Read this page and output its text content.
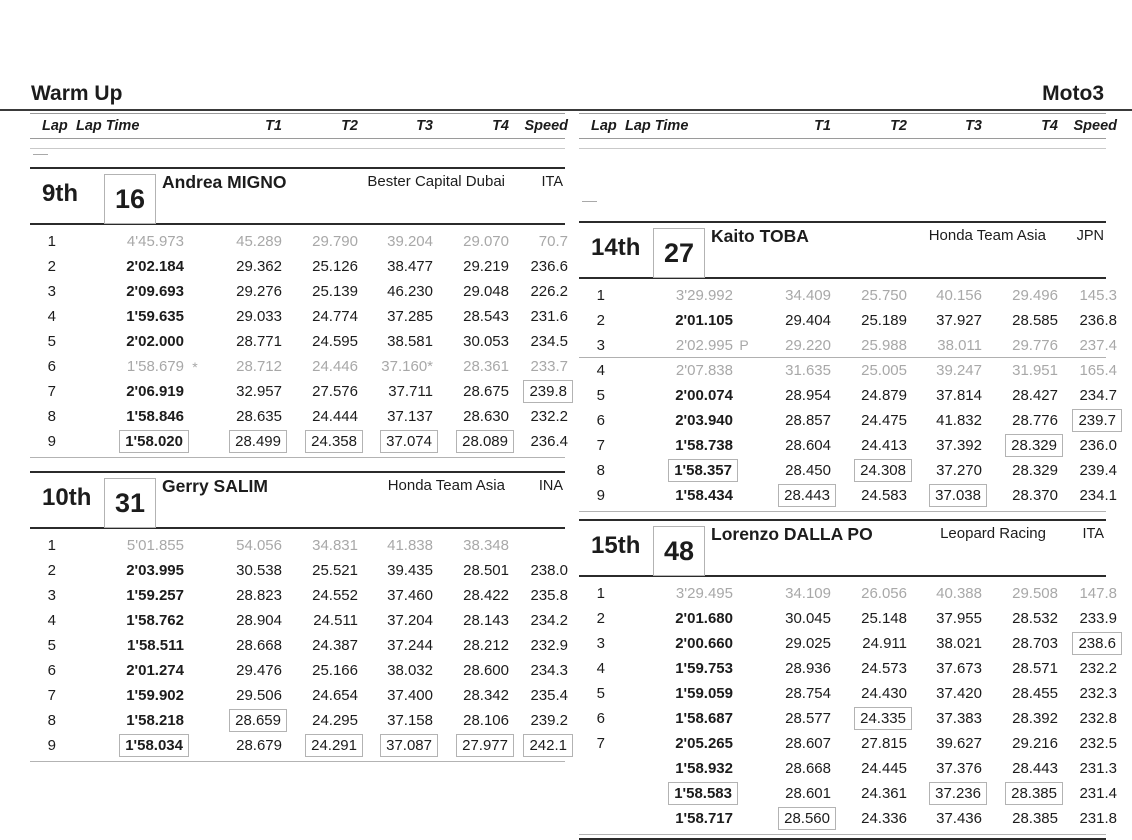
Warm Up	Moto3
Lap Lap Time	T1	T2	T3	T4	Speed
9th	16
Andrea MIGNO	Bester Capital Dubai	ITA
1	4'45.973	45.289	29.790	39.204	29.070	70.7
2	2'02.184	29.362	25.126	38.477	29.219	236.6
3	2'09.693	29.276	25.139	46.230	29.048	226.2
4	1'59.635	29.033	24.774	37.285	28.543	231.6
5	2'02.000	28.771	24.595	38.581	30.053	234.5
6	1'58.679 *	28.712	24.446	37.160*	28.361	233.7
7	2'06.919	32.957	27.576	37.711	28.675	239.8
8	1'58.846	28.635	24.444	37.137	28.630	232.2
9	1'58.020	28.499	24.358	37.074	28.089	236.4
10th 31
Gerry SALIM	Honda Team Asia	INA
1	5'01.855	54.056	34.831	41.838	38.348
2	2'03.995	30.538	25.521	39.435	28.501	238.0
3	1'59.257	28.823	24.552	37.460	28.422	235.8
4	1'58.762	28.904	24.511	37.204	28.143	234.2
5	1'58.511	28.668	24.387	37.244	28.212	232.9
6	2'01.274	29.476	25.166	38.032	28.600	234.3
7	1'59.902	29.506	24.654	37.400	28.342	235.4
8	1'58.218	28.659	24.295	37.158	28.106	239.2
9	1'58.034	28.679	24.291	37.087	27.977	242.1
Lap Lap Time	T1	T2	T3	T4	Speed
14th 27
Kaito TOBA	Honda Team Asia	JPN
1	3'29.992	34.409	25.750	40.156	29.496	145.3
2	2'01.105	29.404	25.189	37.927	28.585	236.8
3	2'02.995 P	29.220	25.988	38.011	29.776	237.4
4	2'07.838	31.635	25.005	39.247	31.951	165.4
5	2'00.074	28.954	24.879	37.814	28.427	234.7
6	2'03.940	28.857	24.475	41.832	28.776	239.7
7	1'58.738	28.604	24.413	37.392	28.329	236.0
8	1'58.357	28.450	24.308	37.270	28.329	239.4
9	1'58.434	28.443	24.583	37.038	28.370	234.1
15th 48
Lorenzo DALLA PO	Leopard Racing	ITA
1	3'29.495	34.109	26.056	40.388	29.508	147.8
2	2'01.680	30.045	25.148	37.955	28.532	233.9
3	2'00.660	29.025	24.911	38.021	28.703	238.6
4	1'59.753	28.936	24.573	37.673	28.571	232.2
5	1'59.059	28.754	24.430	37.420	28.455	232.3
6	1'58.687	28.577	24.335	37.383	28.392	232.8
7	2'05.265	28.607	27.815	39.627	29.216	232.5
1'58.932	28.668	24.445	37.376	28.443	231.3
1'58.583	28.601	24.361	37.236	28.385	231.4
1'58.717	28.560	24.336	37.436	28.385	231.8
